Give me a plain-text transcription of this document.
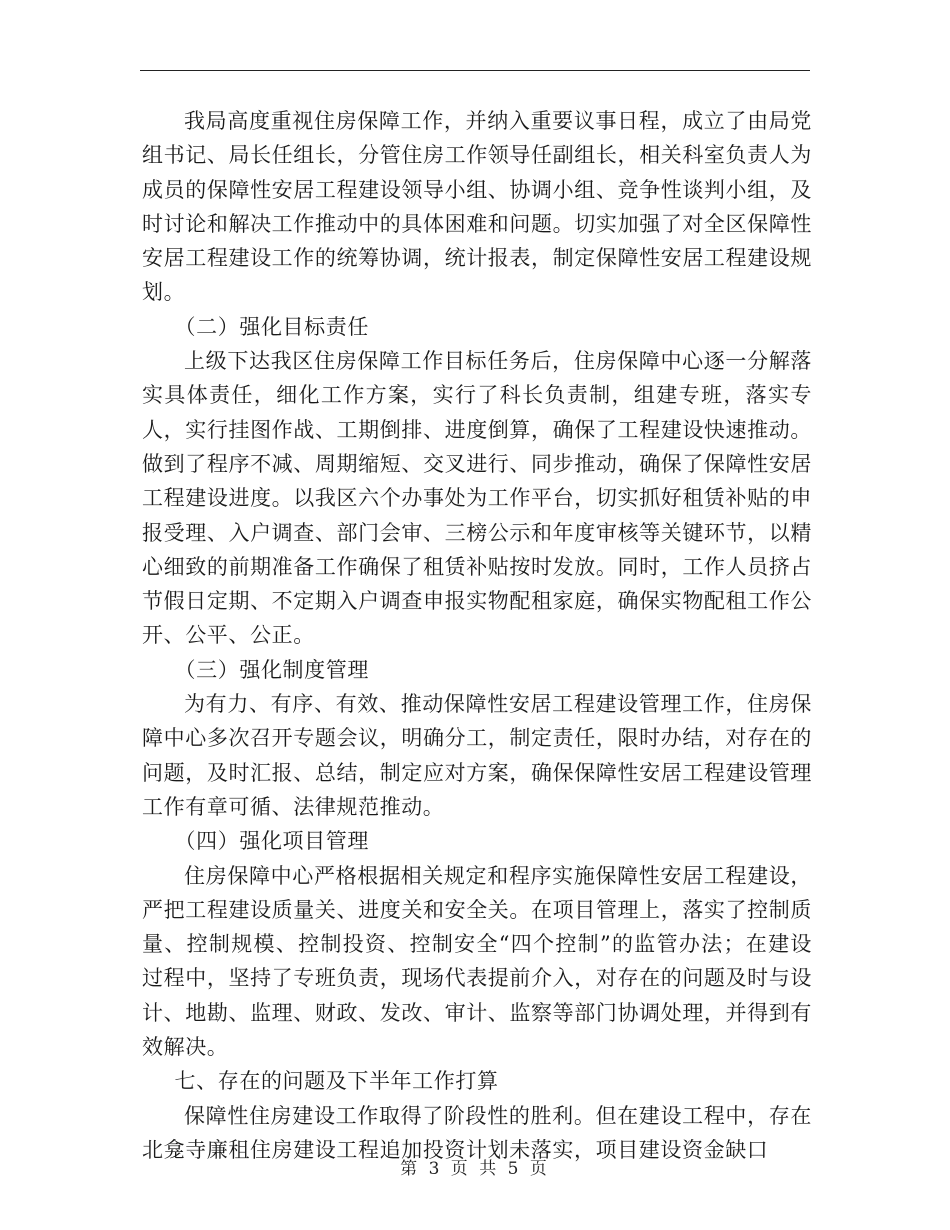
我局高度重视住房保障工作，并纳入重要议事日程，成立了由局党组书记、局长任组长，分管住房工作领导任副组长，相关科室负责人为成员的保障性安居工程建设领导小组、协调小组、竞争性谈判小组，及时讨论和解决工作推动中的具体困难和问题。切实加强了对全区保障性安居工程建设工作的统筹协调，统计报表，制定保障性安居工程建设规划。

（二）强化目标责任

上级下达我区住房保障工作目标任务后，住房保障中心逐一分解落实具体责任，细化工作方案，实行了科长负责制，组建专班，落实专人，实行挂图作战、工期倒排、进度倒算，确保了工程建设快速推动。做到了程序不减、周期缩短、交叉进行、同步推动，确保了保障性安居工程建设进度。以我区六个办事处为工作平台，切实抓好租赁补贴的申报受理、入户调查、部门会审、三榜公示和年度审核等关键环节，以精心细致的前期准备工作确保了租赁补贴按时发放。同时，工作人员挤占节假日定期、不定期入户调查申报实物配租家庭，确保实物配租工作公开、公平、公正。

（三）强化制度管理

为有力、有序、有效、推动保障性安居工程建设管理工作，住房保障中心多次召开专题会议，明确分工，制定责任，限时办结，对存在的问题，及时汇报、总结，制定应对方案，确保保障性安居工程建设管理工作有章可循、法律规范推动。

（四）强化项目管理

住房保障中心严格根据相关规定和程序实施保障性安居工程建设，严把工程建设质量关、进度关和安全关。在项目管理上，落实了控制质量、控制规模、控制投资、控制安全“四个控制”的监管办法；在建设过程中，坚持了专班负责，现场代表提前介入，对存在的问题及时与设计、地勘、监理、财政、发改、审计、监察等部门协调处理，并得到有效解决。

七、存在的问题及下半年工作打算

保障性住房建设工作取得了阶段性的胜利。但在建设工程中，存在北龛寺廉租住房建设工程追加投资计划未落实，项目建设资金缺口

第 3 页 共 5 页
